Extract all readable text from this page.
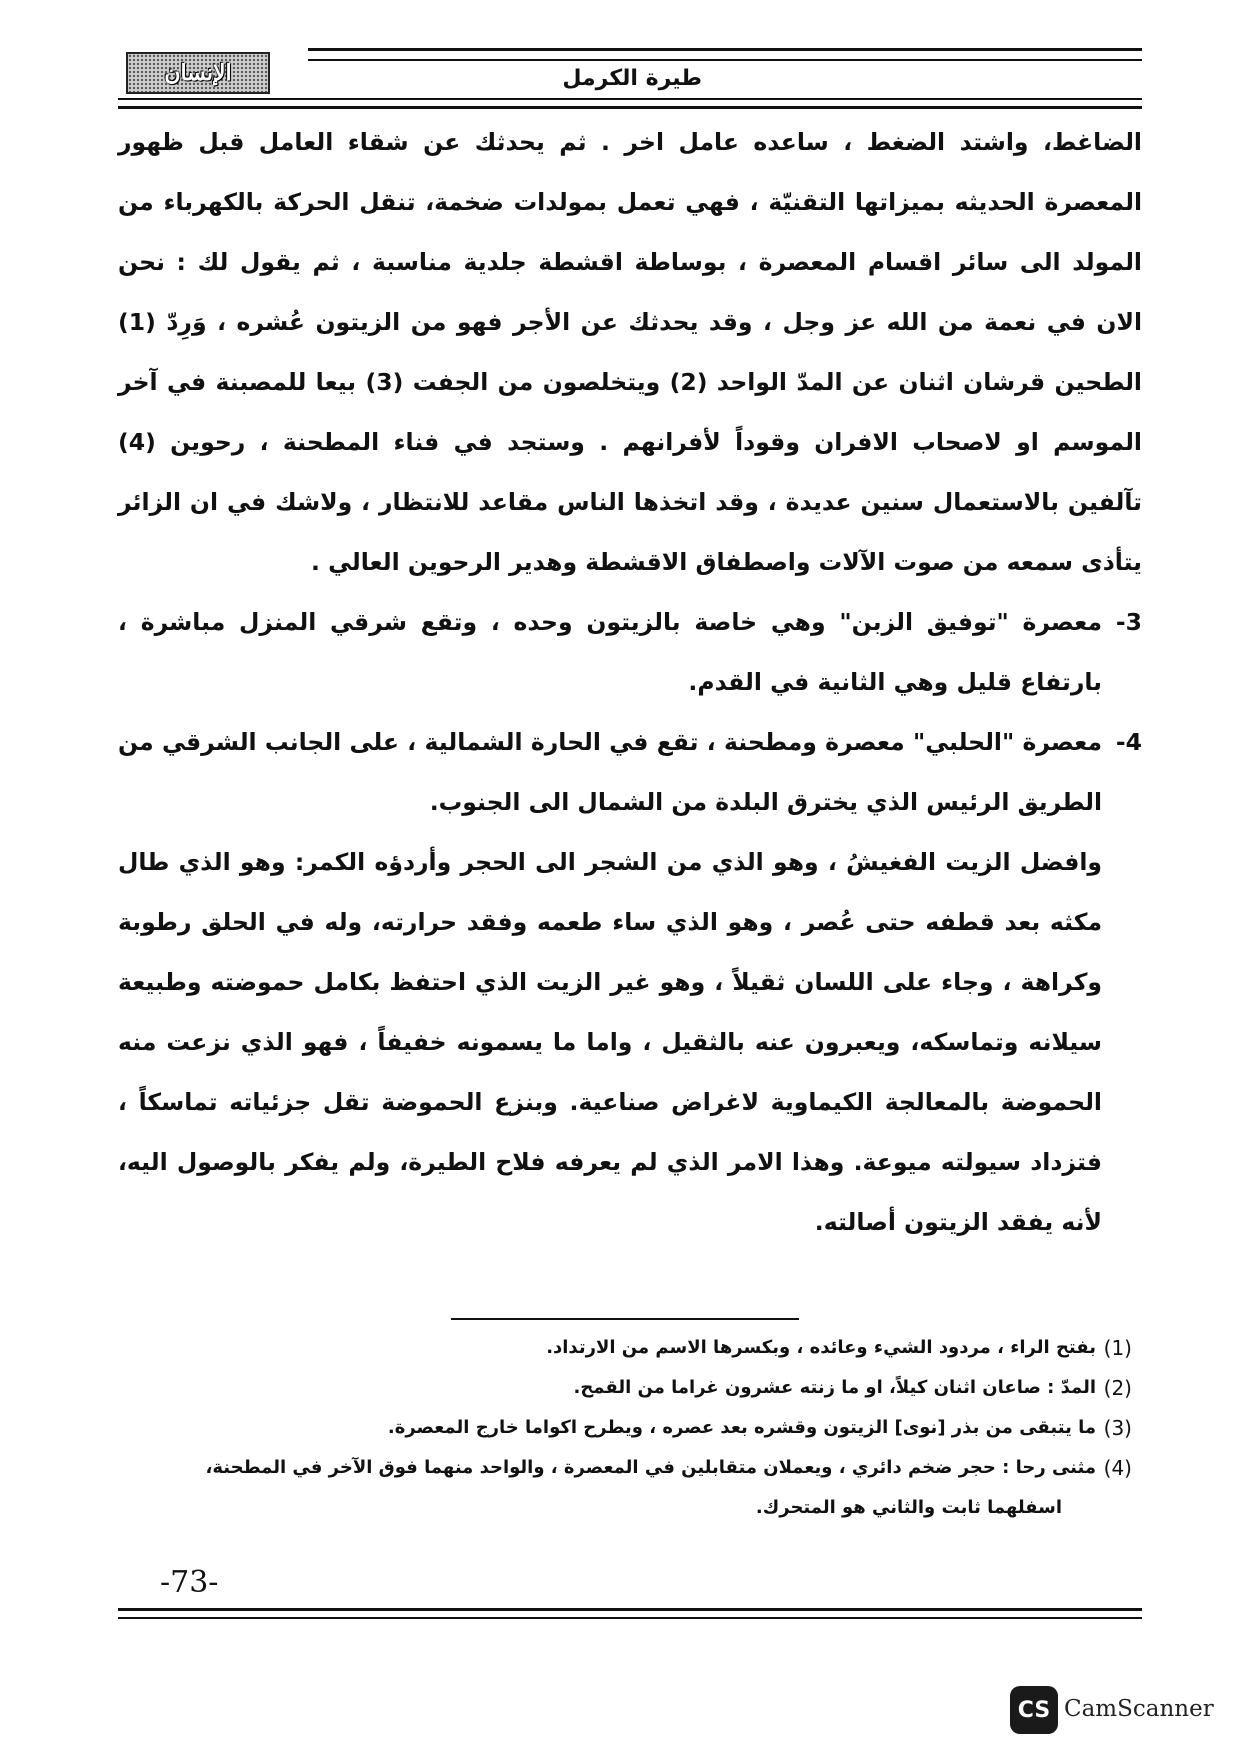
الإنسان	طيرة الكرمل

الضاغط، واشتد الضغط ، ساعده عامل اخر . ثم يحدثك عن شقاء العامل قبل ظهور المعصرة الحديثه بميزاتها التقنيّة ، فهي تعمل بمولدات ضخمة، تنقل الحركة بالكهرباء من المولد الى سائر اقسام المعصرة ، بوساطة اقشطة جلدية مناسبة ، ثم يقول لك : نحن الان في نعمة من الله عز وجل ، وقد يحدثك عن الأجر فهو من الزيتون عُشره ، وَرِدّ (1) الطحين قرشان اثنان عن المدّ الواحد (2) ويتخلصون من الجفت (3) بيعا للمصبنة في آخر الموسم او لاصحاب الافران وقوداً لأفرانهم . وستجد في فناء المطحنة ، رحوين (4) تآلفين بالاستعمال سنين عديدة ، وقد اتخذها الناس مقاعد للانتظار ، ولاشك في ان الزائر يتأذى سمعه من صوت الآلات واصطفاق الاقشطة وهدير الرحوين العالي .

-3
معصرة "توفيق الزبن" وهي خاصة بالزيتون وحده ، وتقع شرقي المنزل مباشرة ، بارتفاع قليل وهي الثانية في القدم.

-4
معصرة "الحلبي" معصرة ومطحنة ، تقع في الحارة الشمالية ، على الجانب الشرقي من الطريق الرئيس الذي يخترق البلدة من الشمال الى الجنوب.

وافضل الزيت الفغيشُ ، وهو الذي من الشجر الى الحجر وأردؤه الكمر: وهو الذي طال مكثه بعد قطفه حتى عُصر ، وهو الذي ساء طعمه وفقد حرارته، وله في الحلق رطوبة وكراهة ، وجاء على اللسان ثقيلاً ، وهو غير الزيت الذي احتفظ بكامل حموضته وطبيعة سيلانه وتماسكه، ويعبرون عنه بالثقيل ، واما ما يسمونه خفيفاً ، فهو الذي نزعت منه الحموضة بالمعالجة الكيماوية لاغراض صناعية. وبنزع الحموضة تقل جزئياته تماسكاً ، فتزداد سيولته ميوعة. وهذا الامر الذي لم يعرفه فلاح الطيرة، ولم يفكر بالوصول اليه، لأنه يفقد الزيتون أصالته.

(1)
بفتح الراء ، مردود الشيء وعائده ، وبكسرها الاسم من الارتداد.

(2)
المدّ : صاعان اثنان كيلاً، او ما زنته عشرون غراما من القمح.

(3)
ما يتبقى من بذر [نوى] الزيتون وقشره بعد عصره ، ويطرح اكواما خارج المعصرة.

(4)
مثنى رحا : حجر ضخم دائري ، ويعملان متقابلين في المعصرة ، والواحد منهما فوق الآخر في المطحنة،

اسفلهما ثابت والثاني هو المتحرك.

-73-
CS CamScanner
